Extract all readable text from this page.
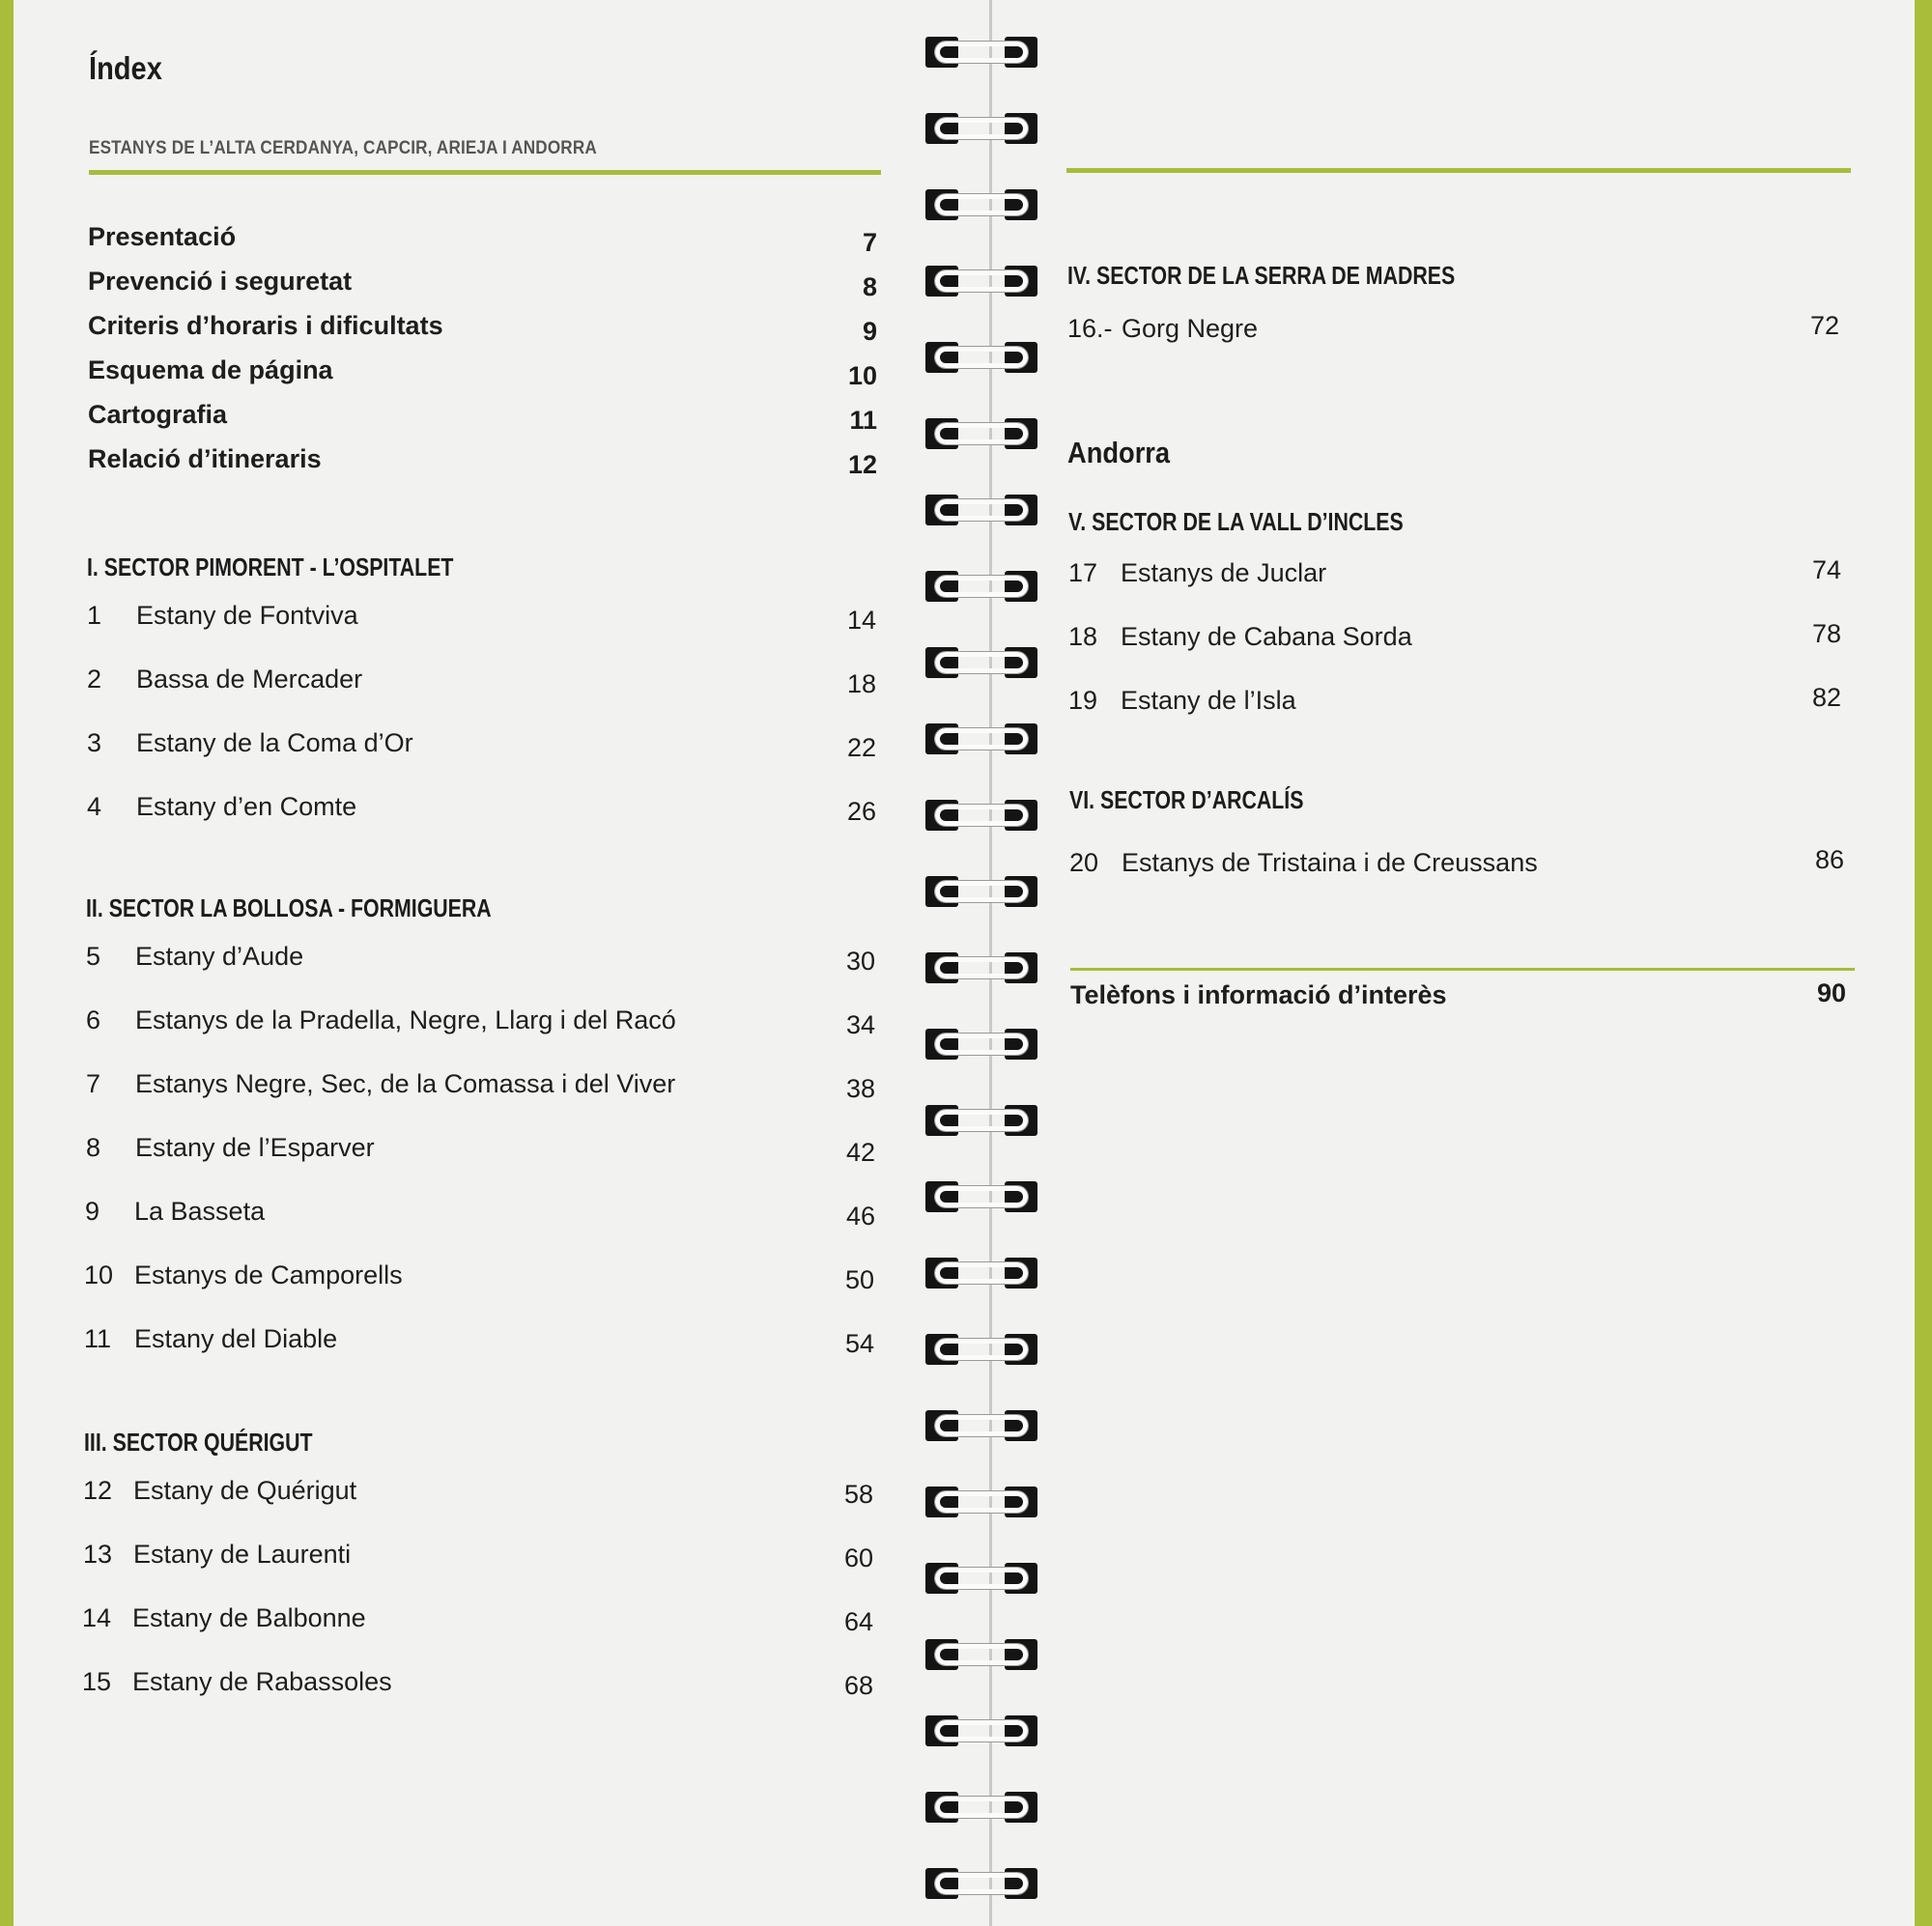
Índex
ESTANYS DE L’ALTA CERDANYA, CAPCIR, ARIEJA I ANDORRA
Presentació	7
Prevenció i seguretat	8
Criteris d’horaris i dificultats	9
Esquema de página	10
Cartografia	11
Relació d’itineraris	12
I. SECTOR PIMORENT - L’OSPITALET
1 Estany de Fontviva	14
2 Bassa de Mercader	18
3 Estany de la Coma d’Or	22
4 Estany d’en Comte	26
II. SECTOR LA BOLLOSA - FORMIGUERA
5 Estany d’Aude	30
6 Estanys de la Pradella, Negre, Llarg i del Racó	34
7 Estanys Negre, Sec, de la Comassa i del Viver	38
8 Estany de l’Esparver	42
9 La Basseta	46
10 Estanys de Camporells	50
11 Estany del Diable	54
III. SECTOR QUÉRIGUT
12 Estany de Quérigut	58
13 Estany de Laurenti	60
14 Estany de Balbonne	64
15 Estany de Rabassoles	68
IV. SECTOR DE LA SERRA DE MADRES
16.- Gorg Negre	72
Andorra
V. SECTOR DE LA VALL D’INCLES
17 Estanys de Juclar	74
18 Estany de Cabana Sorda	78
19 Estany de l’Isla	82
VI. SECTOR D’ARCALÍS
20 Estanys de Tristaina i de Creussans	86
Telèfons i informació d’interès	90
